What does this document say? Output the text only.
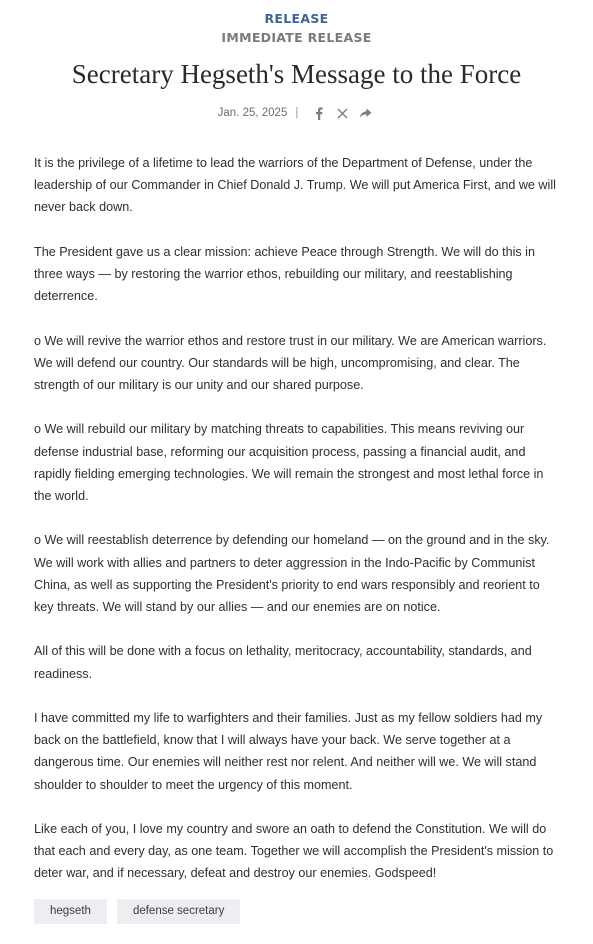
RELEASE
IMMEDIATE RELEASE
Secretary Hegseth's Message to the Force
Jan. 25, 2025 |

It is the privilege of a lifetime to lead the warriors of the Department of Defense, under the leadership of our Commander in Chief Donald J. Trump. We will put America First, and we will never back down.

The President gave us a clear mission: achieve Peace through Strength. We will do this in three ways — by restoring the warrior ethos, rebuilding our military, and reestablishing deterrence.

o We will revive the warrior ethos and restore trust in our military. We are American warriors. We will defend our country. Our standards will be high, uncompromising, and clear. The strength of our military is our unity and our shared purpose.

o We will rebuild our military by matching threats to capabilities. This means reviving our defense industrial base, reforming our acquisition process, passing a financial audit, and rapidly fielding emerging technologies. We will remain the strongest and most lethal force in the world.

o We will reestablish deterrence by defending our homeland — on the ground and in the sky. We will work with allies and partners to deter aggression in the Indo-Pacific by Communist China, as well as supporting the President's priority to end wars responsibly and reorient to key threats. We will stand by our allies — and our enemies are on notice.

All of this will be done with a focus on lethality, meritocracy, accountability, standards, and readiness.

I have committed my life to warfighters and their families. Just as my fellow soldiers had my back on the battlefield, know that I will always have your back. We serve together at a dangerous time. Our enemies will neither rest nor relent. And neither will we. We will stand shoulder to shoulder to meet the urgency of this moment.

Like each of you, I love my country and swore an oath to defend the Constitution. We will do that each and every day, as one team. Together we will accomplish the President's mission to deter war, and if necessary, defeat and destroy our enemies. Godspeed!

hegseth	defense secretary
